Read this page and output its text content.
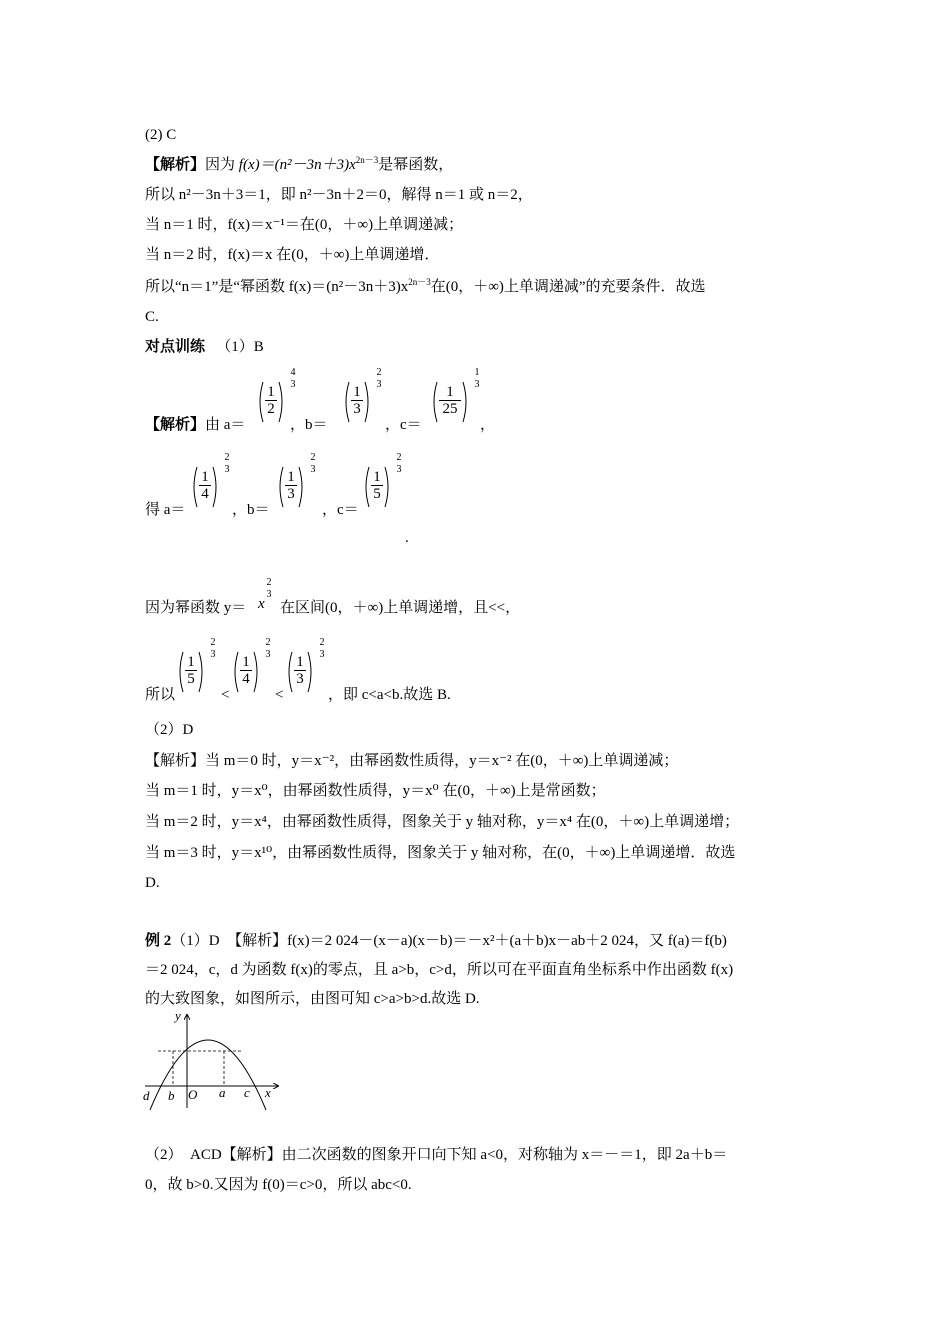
(2) C
【解析】因为 $f(x)=(n^2-3n+3)x^{2n-3}$是幂函数，
所以 n²－3n＋3＝1，即 n²－3n＋2＝0，解得 n＝1 或 n＝2，
当 n＝1 时，f(x)＝x⁻¹＝在(0，＋∞)上单调递减；
当 n＝2 时，f(x)＝x 在(0，＋∞)上单调递增．
所以“n＝1”是“幂函数 $f(x)=(n^2-3n+3)x^{2n-3}$在(0，＋∞)上单调递减”的充要条件．故选
C.
对点训练 （1）B
【解析】由 a＝	，b＝	，c＝	，
得 a＝	，b＝	，c＝
.
因为幂函数 y＝ x 在区间(0，＋∞)上单调递增，且<<，
所以	<	<	，即 c<a<b.故选 B.
（2）D
【解析】当 m＝0 时，y＝x⁻²，由幂函数性质得，y＝x⁻² 在(0，＋∞)上单调递减；
当 m＝1 时，y＝x⁰，由幂函数性质得，y＝x⁰ 在(0，＋∞)上是常函数；
当 m＝2 时，y＝x⁴，由幂函数性质得，图象关于 y 轴对称，y＝x⁴ 在(0，＋∞)上单调递增；
当 m＝3 时，y＝x¹⁰，由幂函数性质得，图象关于 y 轴对称，在(0，＋∞)上单调递增．故选
D.
例 2（1）D　【解析】f(x)＝2 024－(x－a)(x－b)＝－x²＋(a＋b)x－ab＋2 024，又 f(a)＝f(b)
＝2 024，c，d 为函数 f(x)的零点，且 a>b，c>d，所以可在平面直角坐标系中作出函数 f(x)
的大致图象，如图所示，由图可知 c>a>b>d.故选 D.
y
x
d b O a c
（2）　ACD【解析】由二次函数的图象开口向下知 a<0，对称轴为 x＝－＝1，即 2a＋b＝
0，故 b>0.又因为 f(0)＝c>0，所以 abc<0.
$\frac{1}{2}$
4
3	$\frac{1}{3}$
2
3	$\frac{1}{25}$
1
3
$\frac{1}{4}$
2
3	$\frac{1}{3}$
2
3	$\frac{1}{5}$
2
3
2
3
$\frac{1}{5}$
2
$3 \frac{1}{4}$
2
$3 \frac{1}{3}$
2
3
